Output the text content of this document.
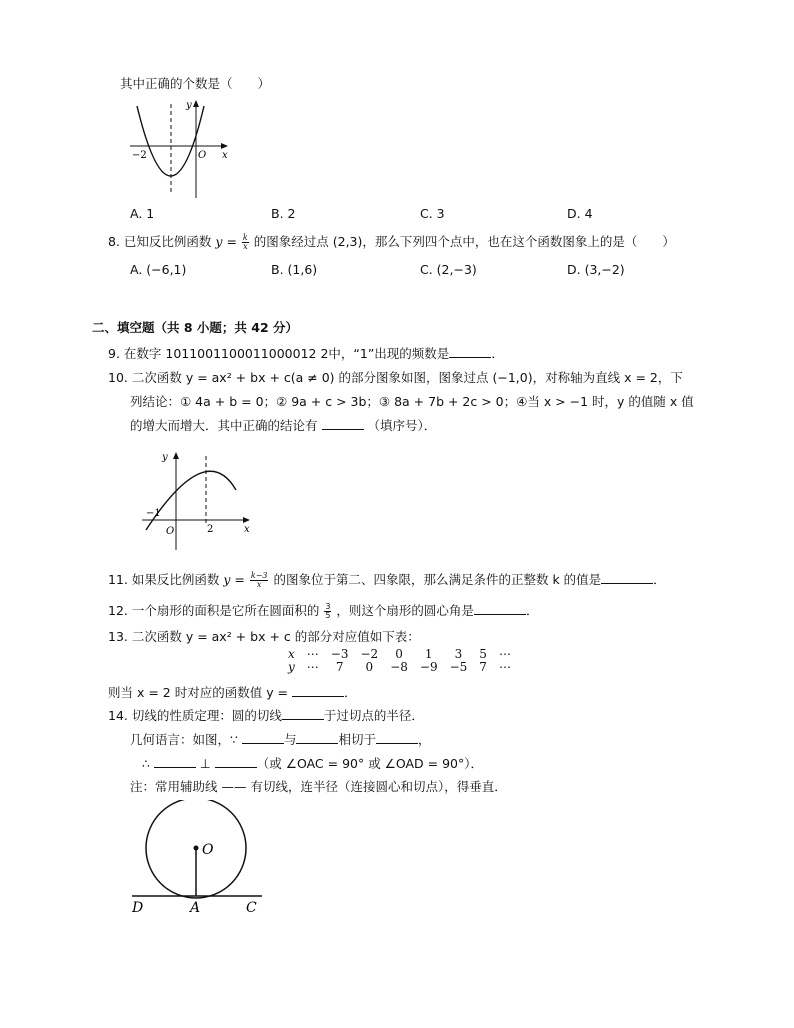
其中正确的个数是（　　）
y
−2	O x
A. 1	B. 2	C. 3	D. 4
8. 已知反比例函数 $y = \frac{k}{x}$ 的图象经过点 (2,3)，那么下列四个点中，也在这个函数图象上的是（　　）
A. (−6,1)	B. (1,6)	C. (2,−3)	D. (3,−2)
二、填空题（共 8 小题；共 42 分）
9. 在数字 1011001100011000012 2中，“1”出现的频数是	．
10. 二次函数 y = ax² + bx + c(a ≠ 0) 的部分图象如图，图象过点 (−1,0)，对称轴为直线 x = 2，下
列结论：① 4a + b = 0；② 9a + c > 3b；③ 8a + 7b + 2c > 0；④当 x > −1 时，y 的值随 x 值
的增大而增大．其中正确的结论有	（填序号）．
y
−1
O	2	x
11. 如果反比例函数 $y = \frac{k-3}{x}$ 的图象位于第二、四象限，那么满足条件的正整数 k 的值是	．
12. 一个扇形的面积是它所在圆面积的 $\frac{3}{5}$ ，则这个扇形的圆心角是	．
13. 二次函数 y = ax² + bx + c 的部分对应值如下表：
x	⋯	−3	−2	0	1	3	5	⋯
y	⋯	7	0	−8	−9	−5	7	⋯
则当 x = 2 时对应的函数值 y =	．
14. 切线的性质定理：圆的切线	于过切点的半径．
几何语言：如图，∵	与	相切于	，
∴	⊥	（或 ∠OAC = 90° 或 ∠OAD = 90°）．
注：常用辅助线 —— 有切线，连半径（连接圆心和切点），得垂直．
O
D	A	C
